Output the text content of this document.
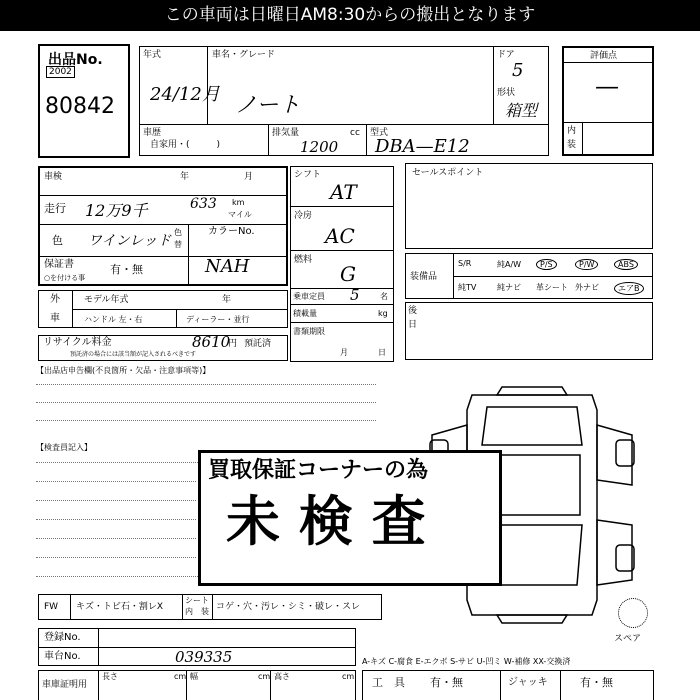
この車両は日曜日AM8:30からの搬出となります
出品No.
2002
80842
年式
24/12月
車名・グレード
ノート
ドア
5
形状
箱型
車歴
自家用・(　　　)
排気量	cc
1200
型式
DBA—E12
評価点
—
内
装
車検	年	月
走行 12万9千	633 km
マイル
色 ワインレッド
色
替
カラーNo.
NAH
保証書
○を付ける事
有・無
外
車
モデル年式	年
ハンドル 左・右	ディーラー・並行
リサイクル料金	8610
円 預託済
預託済の場合には該当額が記入されるべきです
シフト
AT
冷房
AC
燃料
G
乗車定員 5	名
積載量	kg
書類期限
月	日
セールスポイント
装備品
S/R	純A/W	P/S	P/W	ABS
純TV	純ナビ 革シート 外ナビ	エアB
後
日
【出品店申告欄(不良箇所・欠品・注意事項等)】
【検査員記入】
スペア
買取保証コーナーの為
未 検 査
FW キズ・トビ石・割レX
シート
内　装 コゲ・穴・汚レ・シミ・破レ・スレ
登録No.
車台No.	039335
車庫証明用
長さ	cm 幅	cm 高さ	cm
A-キズ C-腐食 E-エクボ S-サビ U-凹ミ W-補修 XX-交換済
工　具 有・無	ジャッキ	有・無
